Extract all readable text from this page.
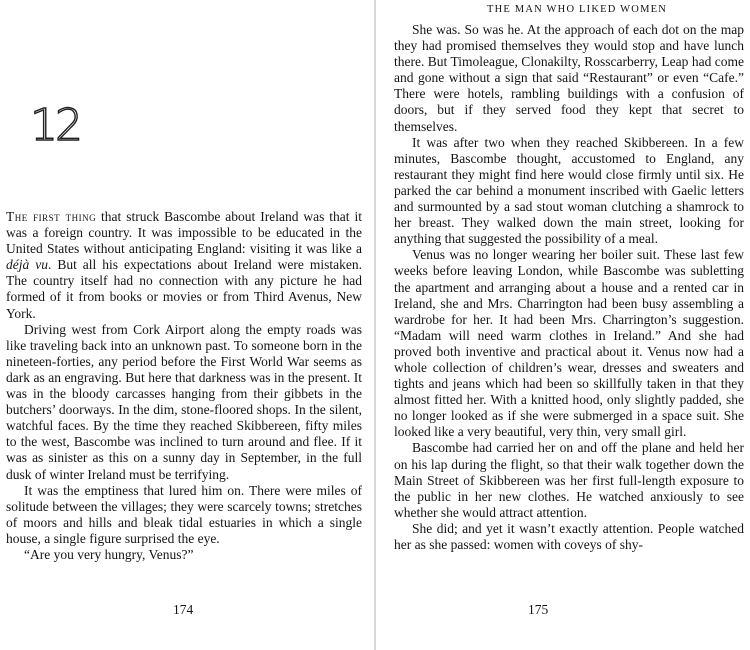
12

The first thing that struck Bascombe about Ireland was that it was a foreign country. It was impossible to be educated in the United States without anticipating England: visiting it was like a déjà vu. But all his expectations about Ireland were mistaken. The country itself had no connection with any picture he had formed of it from books or movies or from Third Avenus, New York.

Driving west from Cork Airport along the empty roads was like traveling back into an unknown past. To someone born in the nineteen-forties, any period before the First World War seems as dark as an engraving. But here that darkness was in the present. It was in the bloody carcasses hanging from their gibbets in the butchers’ doorways. In the dim, stone-floored shops. In the silent, watchful faces. By the time they reached Skibbereen, fifty miles to the west, Bascombe was inclined to turn around and flee. If it was as sinister as this on a sunny day in September, in the full dusk of winter Ireland must be terrifying.

It was the emptiness that lured him on. There were miles of solitude between the villages; they were scarcely towns; stretches of moors and hills and bleak tidal estuaries in which a single house, a single figure surprised the eye.

“Are you very hungry, Venus?”

174
THE MAN WHO LIKED WOMEN

She was. So was he. At the approach of each dot on the map they had promised themselves they would stop and have lunch there. But Timoleague, Clonakilty, Rosscarberry, Leap had come and gone without a sign that said “Restaurant” or even “Cafe.” There were hotels, rambling buildings with a confusion of doors, but if they served food they kept that secret to themselves.

It was after two when they reached Skibbereen. In a few minutes, Bascombe thought, accustomed to England, any restaurant they might find here would close firmly until six. He parked the car behind a monument inscribed with Gaelic letters and surmounted by a sad stout woman clutching a shamrock to her breast. They walked down the main street, looking for anything that suggested the possibility of a meal.

Venus was no longer wearing her boiler suit. These last few weeks before leaving London, while Bascombe was subletting the apartment and arranging about a house and a rented car in Ireland, she and Mrs. Charrington had been busy assembling a wardrobe for her. It had been Mrs. Charrington’s suggestion. “Madam will need warm clothes in Ireland.” And she had proved both inventive and practical about it. Venus now had a whole collection of children’s wear, dresses and sweaters and tights and jeans which had been so skillfully taken in that they almost fitted her. With a knitted hood, only slightly padded, she no longer looked as if she were submerged in a space suit. She looked like a very beautiful, very thin, very small girl.

Bascombe had carried her on and off the plane and held her on his lap during the flight, so that their walk together down the Main Street of Skibbereen was her first full-length exposure to the public in her new clothes. He watched anxiously to see whether she would attract attention.

She did; and yet it wasn’t exactly attention. People watched her as she passed: women with coveys of shy-

175
